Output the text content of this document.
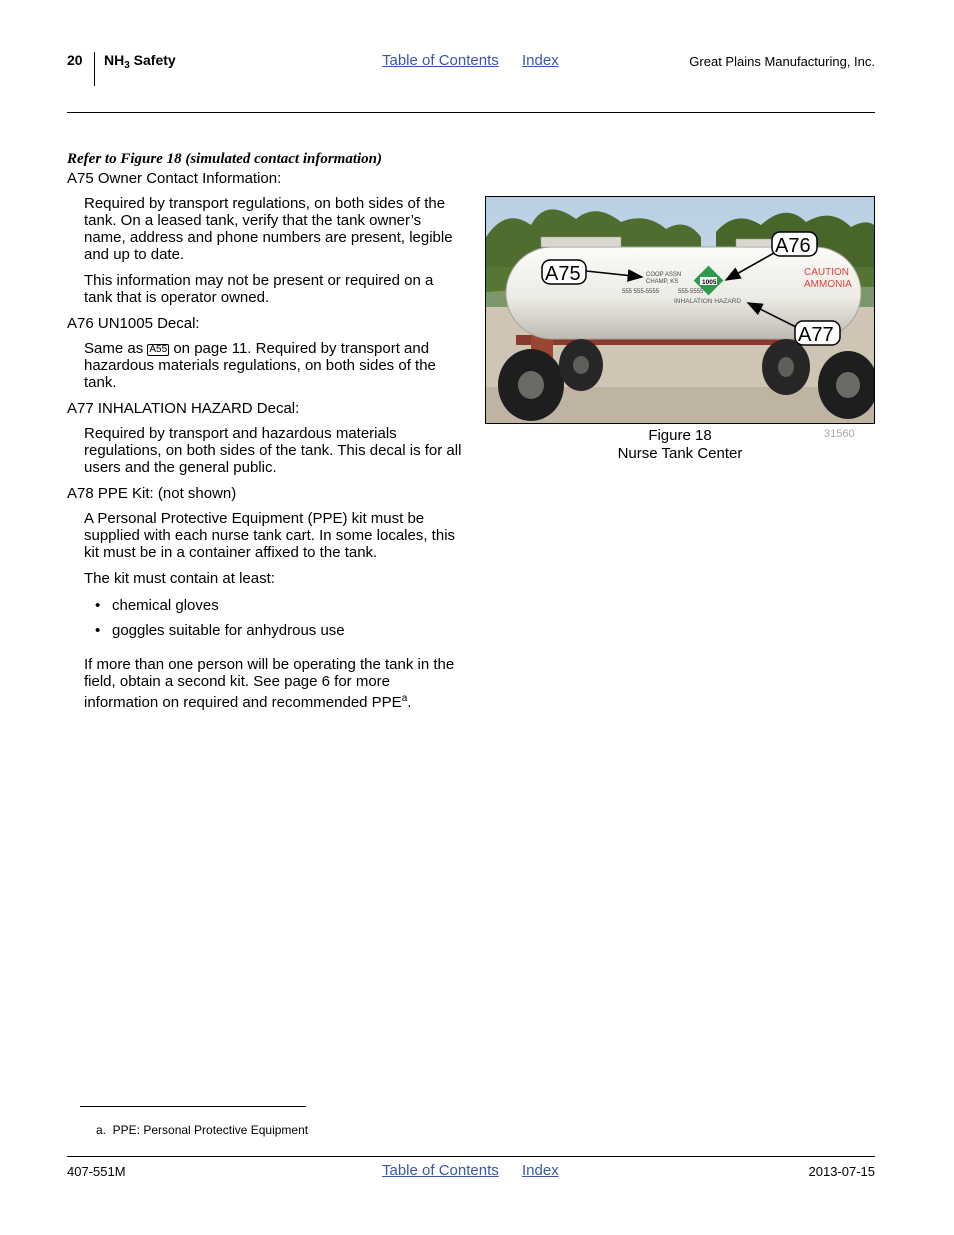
20 $NH_3$ Safety	Table of Contents Index	Great Plains Manufacturing, Inc.
Refer to Figure 18 (simulated contact information)
A75 Owner Contact Information:
Required by transport regulations, on both sides of the tank. On a leased tank, verify that the tank owner’s name, address and phone numbers are present, legible and up to date.
This information may not be present or required on a tank that is operator owned.
A76 UN1005 Decal:
Same as A55 on page 11. Required by transport and hazardous materials regulations, on both sides of the tank.
A77 INHALATION HAZARD Decal:
Required by transport and hazardous materials regulations, on both sides of the tank. This decal is for all users and the general public.
A78 PPE Kit: (not shown)
A Personal Protective Equipment (PPE) kit must be supplied with each nurse tank cart. In some locales, this kit must be in a container affixed to the tank.
The kit must contain at least:
• chemical gloves
• goggles suitable for anhydrous use
If more than one person will be operating the tank in the field, obtain a second kit. See page 6 for more information on required and recommended PPE$^a$.
COOP ASSN
CHAMP, KS
555 555-5555	555-5555
1005
INHALATION HAZARD
CAUTION
AMMONIA
A75
A76
A77
Figure 18
Nurse Tank Center
31560
a.  PPE: Personal Protective Equipment
407-551M	Table of Contents Index	2013-07-15
